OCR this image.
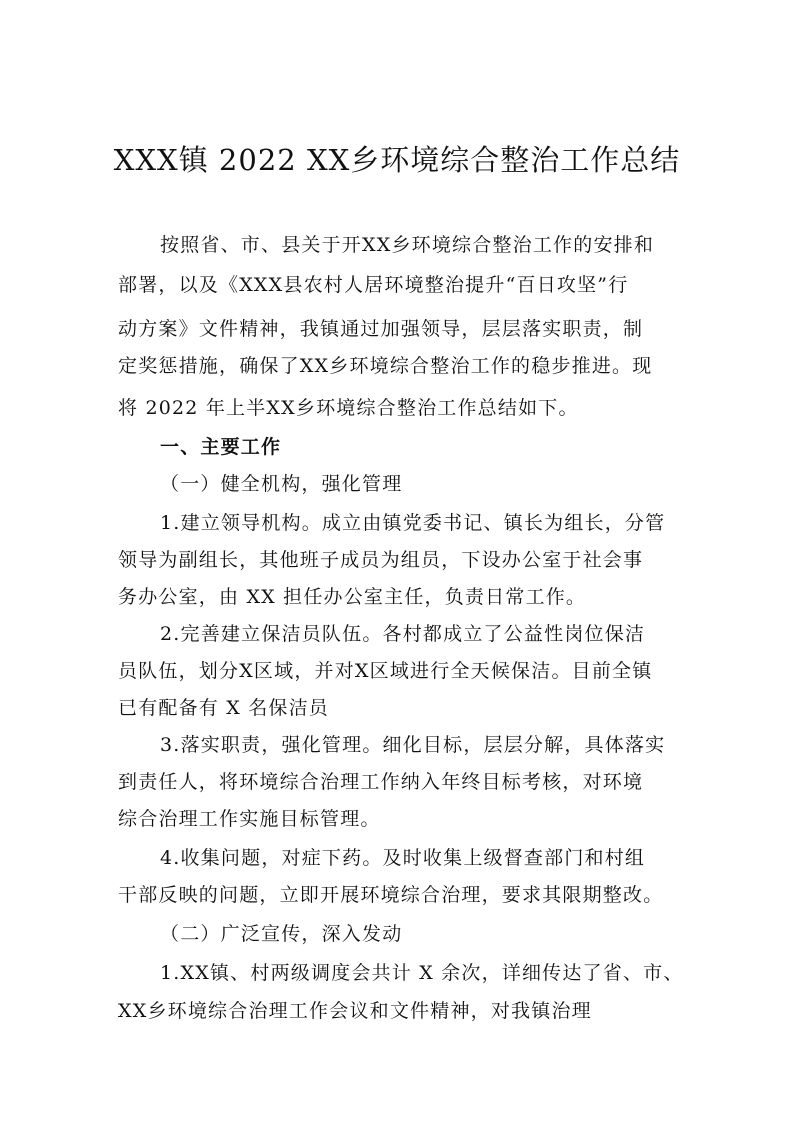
XXX镇 2022 XX乡环境综合整治工作总结
按照省、市、县关于开XX乡环境综合整治工作的安排和
部署，以及《XXX县农村人居环境整治提升“百日攻坚”行
动方案》文件精神，我镇通过加强领导，层层落实职责，制
定奖惩措施，确保了XX乡环境综合整治工作的稳步推进。现
将 2022 年上半XX乡环境综合整治工作总结如下。
一、主要工作
（一）健全机构，强化管理
1.建立领导机构。成立由镇党委书记、镇长为组长，分管
领导为副组长，其他班子成员为组员，下设办公室于社会事
务办公室，由 XX 担任办公室主任，负责日常工作。
2.完善建立保洁员队伍。各村都成立了公益性岗位保洁
员队伍，划分X区域，并对X区域进行全天候保洁。目前全镇
已有配备有 X 名保洁员
3.落实职责，强化管理。细化目标，层层分解，具体落实
到责任人，将环境综合治理工作纳入年终目标考核，对环境
综合治理工作实施目标管理。
4.收集问题，对症下药。及时收集上级督查部门和村组
干部反映的问题，立即开展环境综合治理，要求其限期整改。
（二）广泛宣传，深入发动
1.XX镇、村两级调度会共计 X 余次，详细传达了省、市、
XX乡环境综合治理工作会议和文件精神，对我镇治理
